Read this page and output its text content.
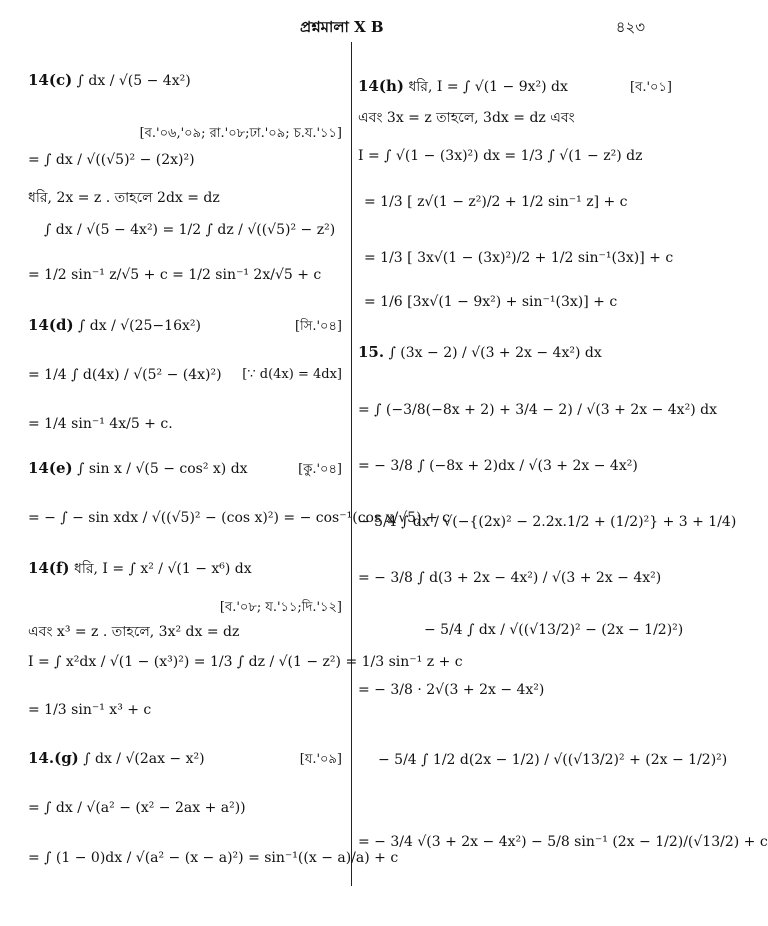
প্রশ্নমালা X B	৪২৩
14(c) ∫ dx / √(5 − 4x²)
[ব.'০৬,'০৯; রা.'০৮;ঢা.'০৯; চ.য.'১১]
= ∫ dx / √((√5)² − (2x)²)
ধরি, 2x = z . তাহলে 2dx = dz
∫ dx / √(5 − 4x²) = 1/2 ∫ dz / √((√5)² − z²)
= 1/2 sin⁻¹ z/√5 + c = 1/2 sin⁻¹ 2x/√5 + c
14(d) ∫ dx / √(25−16x²)	[সি.'০৪]
= 1/4 ∫ d(4x) / √(5² − (4x)²) [∵ d(4x) = 4dx]
= 1/4 sin⁻¹ 4x/5 + c.
14(e) ∫ sin x / √(5 − cos² x) dx	[কু.'০৪]
= − ∫ − sin xdx / √((√5)² − (cos x)²) = − cos⁻¹(cos x/√5) + c
14(f) ধরি, I = ∫ x² / √(1 − x⁶) dx
[ব.'০৮; য.'১১;দি.'১২]
এবং x³ = z . তাহলে, 3x² dx = dz
I = ∫ x²dx / √(1 − (x³)²) = 1/3 ∫ dz / √(1 − z²) = 1/3 sin⁻¹ z + c
= 1/3 sin⁻¹ x³ + c
14.(g) ∫ dx / √(2ax − x²)	[য.'০৯]
= ∫ dx / √(a² − (x² − 2ax + a²))
= ∫ (1 − 0)dx / √(a² − (x − a)²) = sin⁻¹((x − a)/a) + c
14(h) ধরি, I = ∫ √(1 − 9x²) dx	[ব.'০১]
এবং 3x = z তাহলে, 3dx = dz এবং
I = ∫ √(1 − (3x)²) dx = 1/3 ∫ √(1 − z²) dz
= 1/3 [ z√(1 − z²)/2 + 1/2 sin⁻¹ z] + c
= 1/3 [ 3x√(1 − (3x)²)/2 + 1/2 sin⁻¹(3x)] + c
= 1/6 [3x√(1 − 9x²) + sin⁻¹(3x)] + c
15. ∫ (3x − 2) / √(3 + 2x − 4x²) dx
= ∫ (−3/8(−8x + 2) + 3/4 − 2) / √(3 + 2x − 4x²) dx
= − 3/8 ∫ (−8x + 2)dx / √(3 + 2x − 4x²)
− 5/4 ∫ dx / √(−{(2x)² − 2.2x.1/2 + (1/2)²} + 3 + 1/4)
= − 3/8 ∫ d(3 + 2x − 4x²) / √(3 + 2x − 4x²)
− 5/4 ∫ dx / √((√13/2)² − (2x − 1/2)²)
= − 3/8 · 2√(3 + 2x − 4x²)
− 5/4 ∫ 1/2 d(2x − 1/2) / √((√13/2)² + (2x − 1/2)²)
= − 3/4 √(3 + 2x − 4x²) − 5/8 sin⁻¹ (2x − 1/2)/(√13/2) + c
